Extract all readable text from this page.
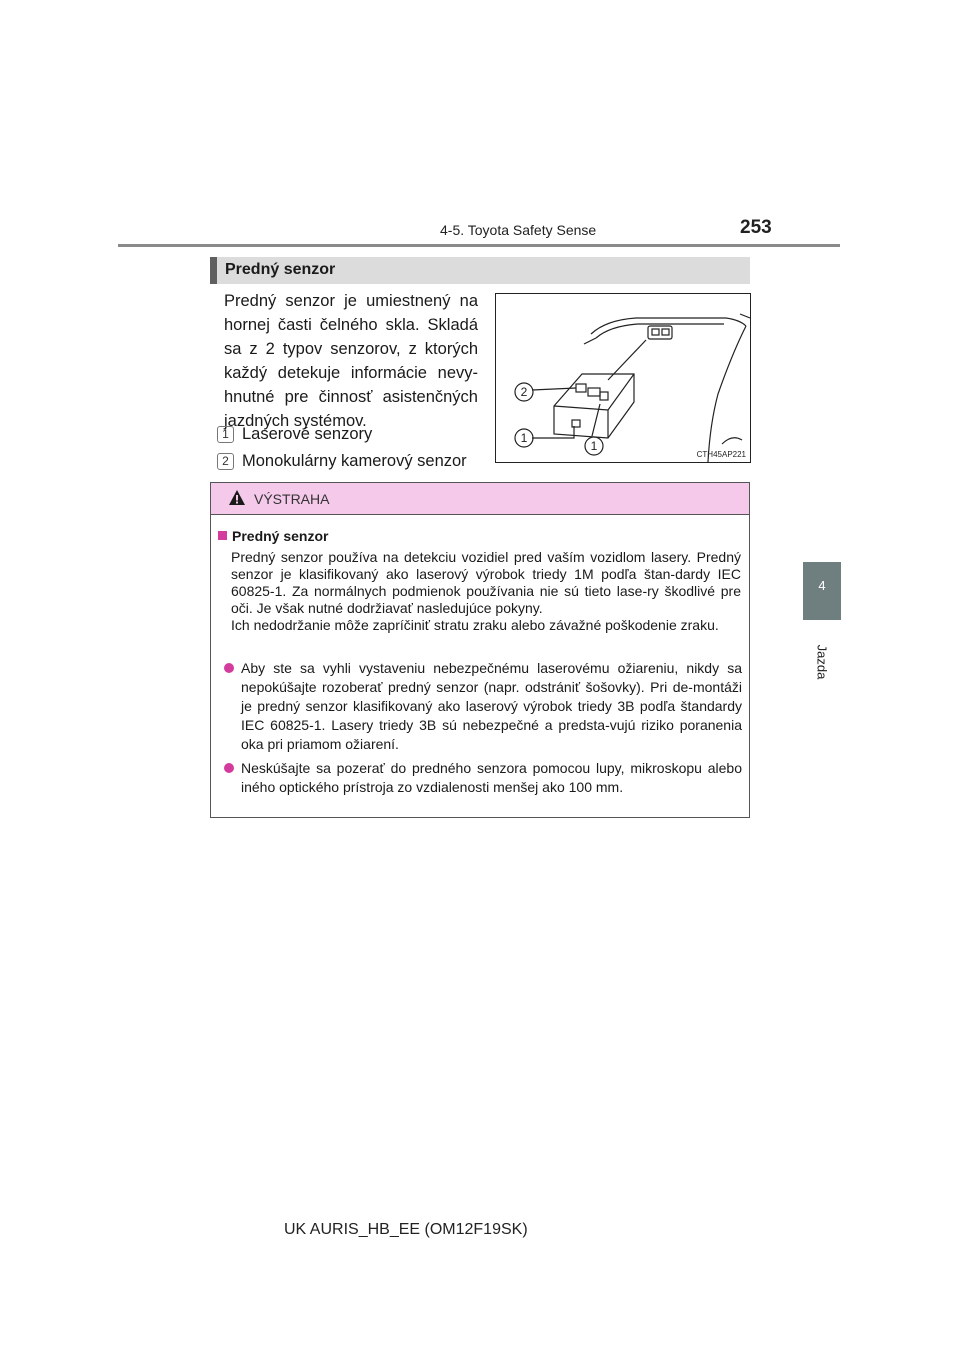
4-5. Toyota Safety Sense	253
4
Jazda
Predný senzor
Predný senzor je umiestnený na hornej časti čelného skla. Skladá sa z 2 typov senzorov, z ktorých každý detekuje informácie nevy-hnutné pre činnosť asistenčných jazdných systémov.
1 Laserové senzory
2 Monokulárny kamerový senzor
2
1
1
CTH45AP221
VÝSTRAHA
Predný senzor

Predný senzor používa na detekciu vozidiel pred vaším vozidlom lasery. Predný senzor je klasifikovaný ako laserový výrobok triedy 1M podľa štan-dardy IEC 60825-1. Za normálnych podmienok používania nie sú tieto lase-ry škodlivé pre oči. Je však nutné dodržiavať nasledujúce pokyny.

Ich nedodržanie môže zapríčiniť stratu zraku alebo závažné poškodenie zraku.

Aby ste sa vyhli vystaveniu nebezpečnému laserovému ožiareniu, nikdy sa nepokúšajte rozoberať predný senzor (napr. odstrániť šošovky). Pri de-montáži je predný senzor klasifikovaný ako laserový výrobok triedy 3B podľa štandardy IEC 60825-1. Lasery triedy 3B sú nebezpečné a predsta-vujú riziko poranenia oka pri priamom ožiarení.
Neskúšajte sa pozerať do predného senzora pomocou lupy, mikroskopu alebo iného optického prístroja zo vzdialenosti menšej ako 100 mm.
UK AURIS_HB_EE (OM12F19SK)
